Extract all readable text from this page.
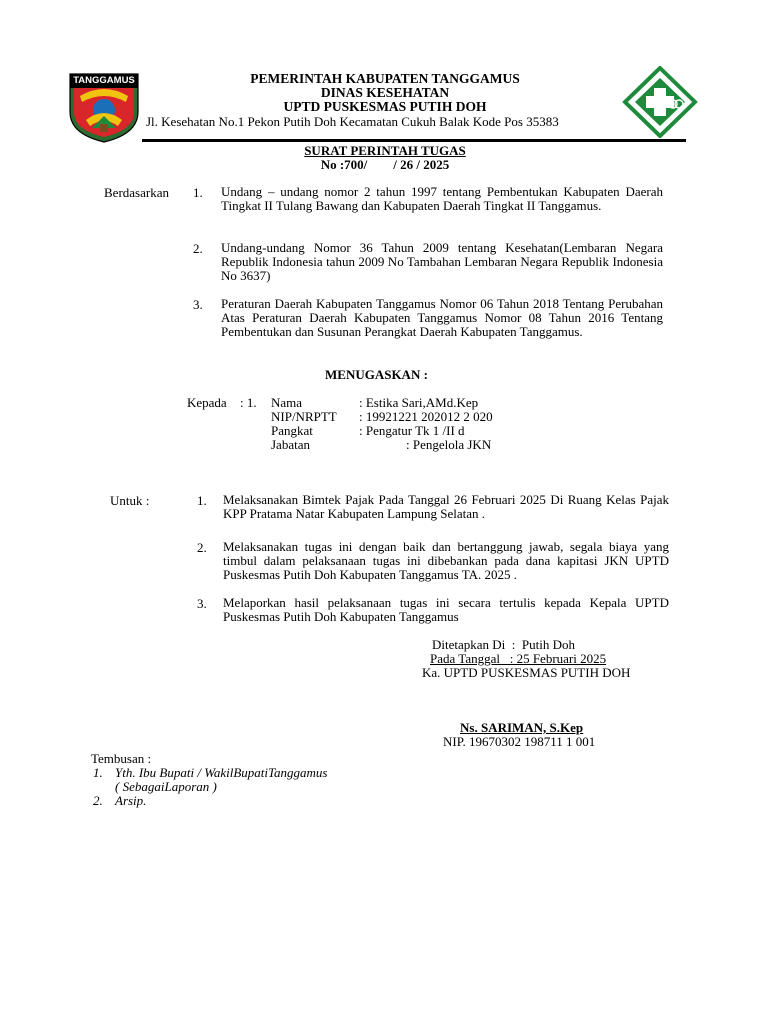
TANGGAMUS	PEMERINTAH KABUPATEN TANGGAMUS
DINAS KESEHATAN
UPTD PUSKESMAS PUTIH DOH
Jl. Kesehatan No.1 Pekon Putih Doh Kecamatan Cukuh Balak Kode Pos 35383
SURAT PERINTAH TUGAS
No :700/        / 26 / 2025
Berdasarkan 1. Undang – undang nomor 2 tahun 1997 tentang Pembentukan Kabupaten Daerah Tingkat II Tulang Bawang dan Kabupaten Daerah Tingkat II Tanggamus.
2. Undang-undang Nomor 36 Tahun 2009 tentang Kesehatan(Lembaran Negara Republik Indonesia tahun 2009 No Tambahan Lembaran Negara Republik Indonesia No 3637)
3. Peraturan Daerah Kabupaten Tanggamus Nomor 06 Tahun 2018 Tentang Perubahan Atas Peraturan Daerah Kabupaten Tanggamus Nomor 08 Tahun 2016 Tentang Pembentukan dan Susunan Perangkat Daerah Kabupaten Tanggamus.
MENUGASKAN :
Kepada : 1. Nama	: Estika Sari,AMd.Kep
NIP/NRPTT : 19921221 202012 2 020
Pangkat	: Pengatur Tk 1 /II d
Jabatan	: Pengelola JKN
Untuk :	1. Melaksanakan Bimtek Pajak Pada Tanggal 26 Februari 2025 Di Ruang Kelas Pajak KPP Pratama Natar Kabupaten Lampung Selatan .
2. Melaksanakan tugas ini dengan baik dan bertanggung jawab, segala biaya yang timbul dalam pelaksanaan tugas ini dibebankan pada dana kapitasi JKN UPTD Puskesmas Putih Doh Kabupaten Tanggamus TA. 2025 .
3. Melaporkan hasil pelaksanaan tugas ini secara tertulis kepada Kepala UPTD Puskesmas Putih Doh Kabupaten Tanggamus
Ditetapkan Di  :  Putih Doh
Pada Tanggal   : 25 Februari 2025
Ka. UPTD PUSKESMAS PUTIH DOH
Ns. SARIMAN, S.Kep
NIP. 19670302 198711 1 001
Tembusan :
1. Yth. Ibu Bupati / WakilBupatiTanggamus
( SebagaiLaporan )
2. Arsip.
